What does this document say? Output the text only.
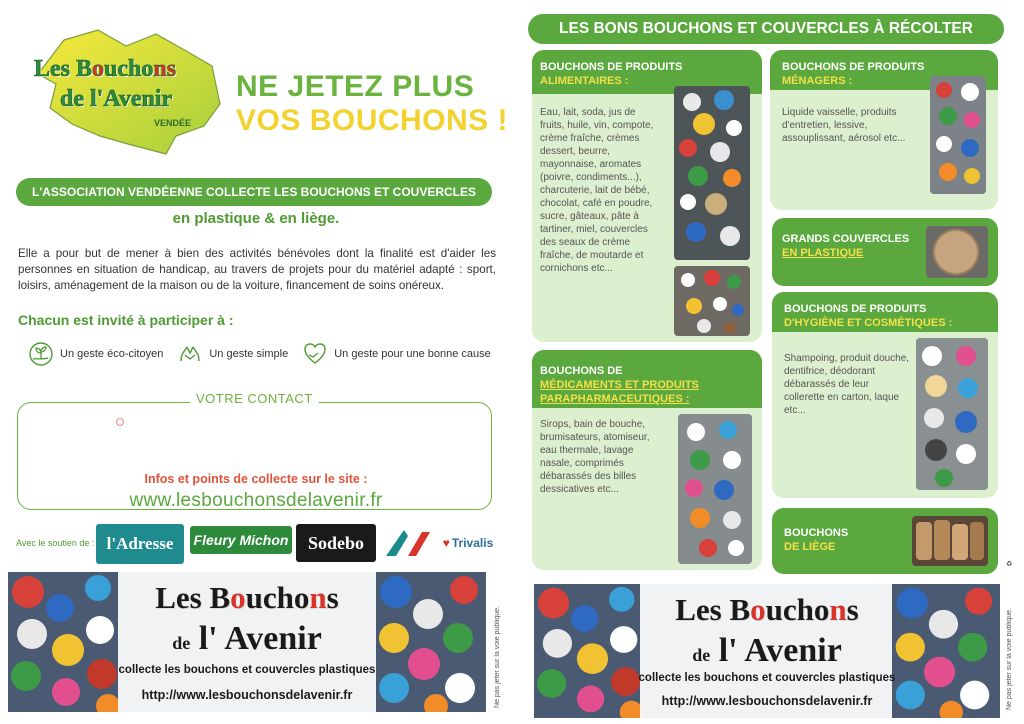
Les Bouchons
de l'Avenir
VENDÉE
NE JETEZ PLUS
VOS BOUCHONS !
L'ASSOCIATION VENDÉENNE COLLECTE LES BOUCHONS ET COUVERCLES
en plastique & en liège.
Elle a pour but de mener à bien des activités bénévoles dont la finalité est d'aider les personnes en situation de handicap, au travers de projets pour du matériel adapté : sport, loisirs, aménagement de la maison ou de la voiture, financement de soins onéreux.
Chacun est invité à participer à :
Un geste éco-citoyen	Un geste simple	Un geste pour une bonne cause
VOTRE CONTACT
Infos et points de collecte sur le site :
www.lesbouchonsdelavenir.fr
Avec le soutien de : l'Adresse	Fleury Michon	Sodebo	♥ Trivalis
Les Bouchons
de l' Avenir
collecte les bouchons et couvercles plastiques
http://www.lesbouchonsdelavenir.fr	Ne pas jeter sur la voie publique.
LES BONS BOUCHONS ET COUVERCLES À RÉCOLTER
BOUCHONS DE PRODUITS
ALIMENTAIRES :
Eau, lait, soda, jus de fruits, huile, vin, compote, crème fraîche, crèmes dessert, beurre, mayonnaise, aromates (poivre, condiments...), charcuterie, lait de bébé, chocolat, café en poudre, sucre, gâteaux, pâte à tartiner, miel, couvercles des seaux de crème fraîche, de moutarde et cornichons etc...
BOUCHONS DE PRODUITS
MÉNAGERS :
Liquide vaisselle, produits d'entretien, lessive, assouplissant, aérosol etc...
GRANDS COUVERCLES
EN PLASTIQUE
BOUCHONS DE PRODUITS
D'HYGIÈNE ET COSMÉTIQUES :
Shampoing, produit douche, dentifrice, déodorant débarassés de leur collerette en carton, laque etc...
BOUCHONS DE
MÉDICAMENTS ET PRODUITS
PARAPHARMACEUTIQUES :
Sirops, bain de bouche, brumisateurs, atomiseur, eau thermale, lavage nasale, comprimés débarassés des billes dessicatives etc...
BOUCHONS
DE LIÈGE
♻
Les Bouchons
de l' Avenir
collecte les bouchons et couvercles plastiques
http://www.lesbouchonsdelavenir.fr	Ne pas jeter sur la voie publique.
